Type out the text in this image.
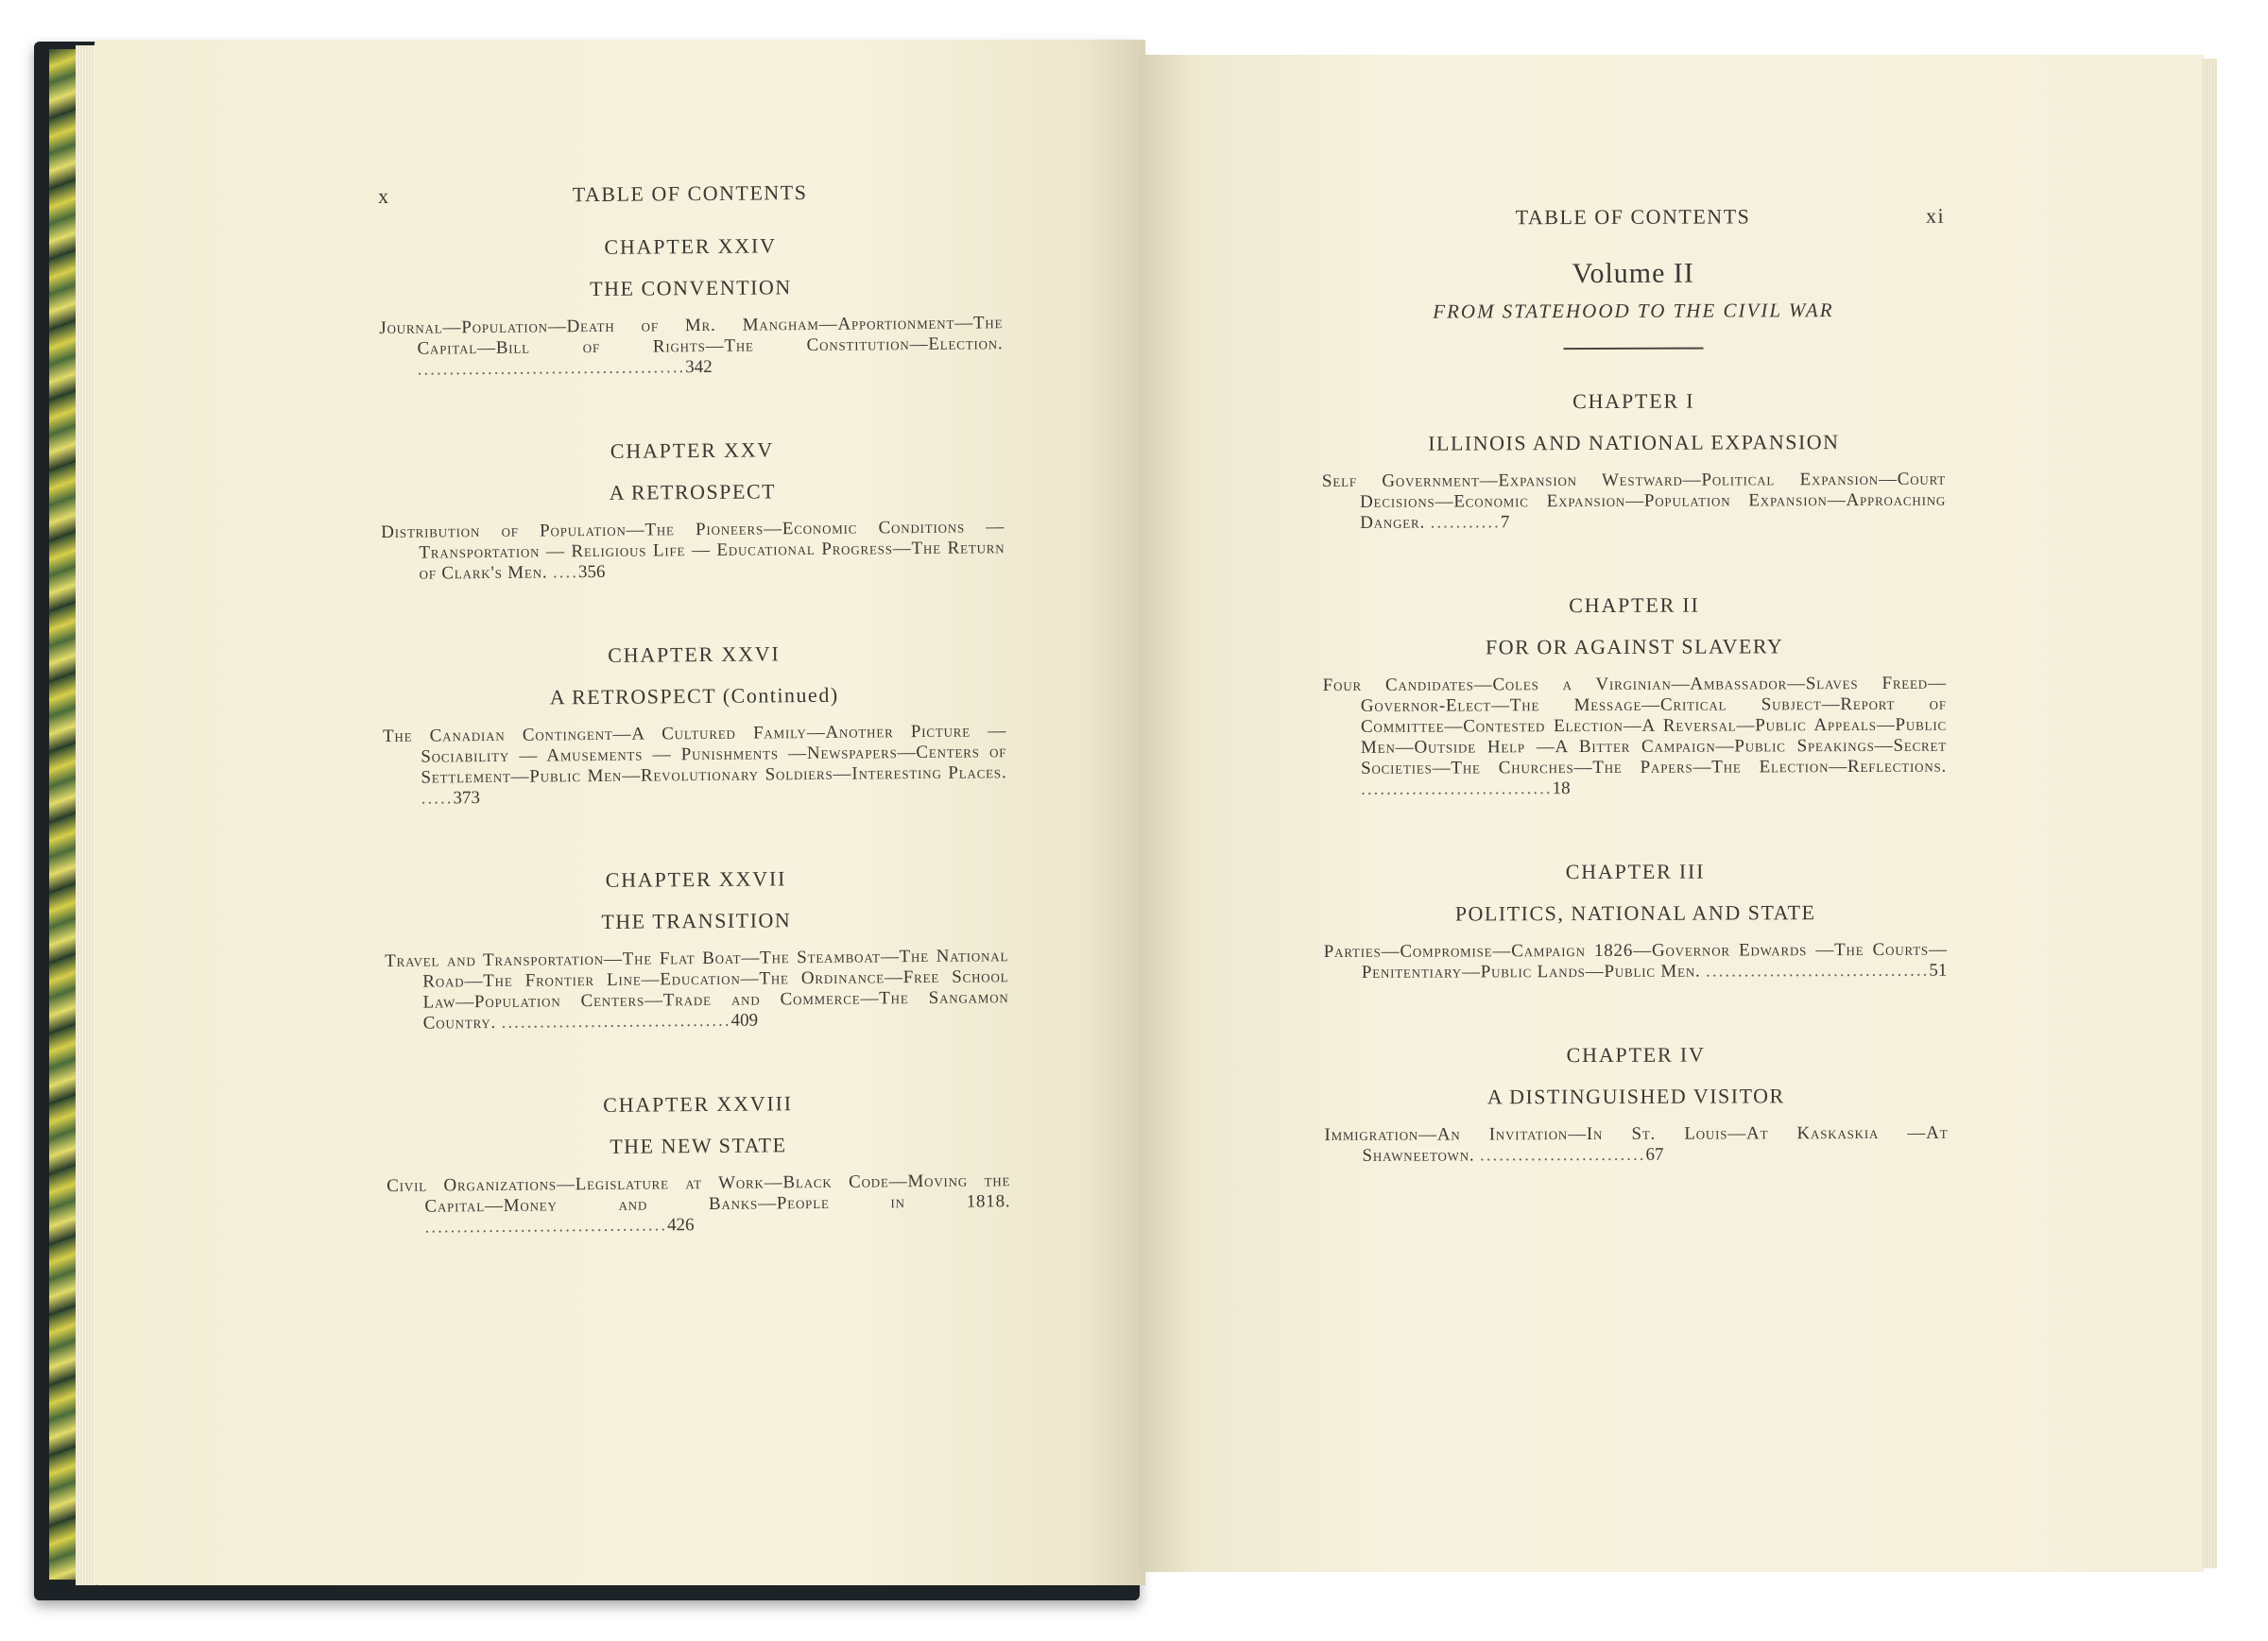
x	TABLE OF CONTENTS
CHAPTER XXIV
THE CONVENTION
Journal—Population—Death of Mr. Mangham—Apportionment—The Capital—Bill of Rights—The Constitution—Election. ..........................................342
CHAPTER XXV
A RETROSPECT
Distribution of Population—The Pioneers—Economic Conditions — Transportation — Religious Life — Educational Progress—The Return of Clark's Men. ....356
CHAPTER XXVI
A RETROSPECT (Continued)
The Canadian Contingent—A Cultured Family—Another Picture — Sociability — Amusements — Punishments —Newspapers—Centers of Settlement—Public Men—Revolutionary Soldiers—Interesting Places. .....373
CHAPTER XXVII
THE TRANSITION
Travel and Transportation—The Flat Boat—The Steamboat—The National Road—The Frontier Line—Education—The Ordinance—Free School Law—Population Centers—Trade and Commerce—The Sangamon Country. ....................................409
CHAPTER XXVIII
THE NEW STATE
Civil Organizations—Legislature at Work—Black Code—Moving the Capital—Money and Banks—People in 1818. ......................................426
TABLE OF CONTENTS	xi
Volume II
FROM STATEHOOD TO THE CIVIL WAR
CHAPTER I
ILLINOIS AND NATIONAL EXPANSION
Self Government—Expansion Westward—Political Expansion—Court Decisions—Economic Expansion—Population Expansion—Approaching Danger. ...........7
CHAPTER II
FOR OR AGAINST SLAVERY
Four Candidates—Coles a Virginian—Ambassador—Slaves Freed—Governor-Elect—The Message—Critical Subject—Report of Committee—Contested Election—A Reversal—Public Appeals—Public Men—Outside Help —A Bitter Campaign—Public Speakings—Secret Societies—The Churches—The Papers—The Election—Reflections. ..............................18
CHAPTER III
POLITICS, NATIONAL AND STATE
Parties—Compromise—Campaign 1826—Governor Edwards —The Courts—Penitentiary—Public Lands—Public Men. ...................................51
CHAPTER IV
A DISTINGUISHED VISITOR
Immigration—An Invitation—In St. Louis—At Kaskaskia —At Shawneetown. ..........................67
